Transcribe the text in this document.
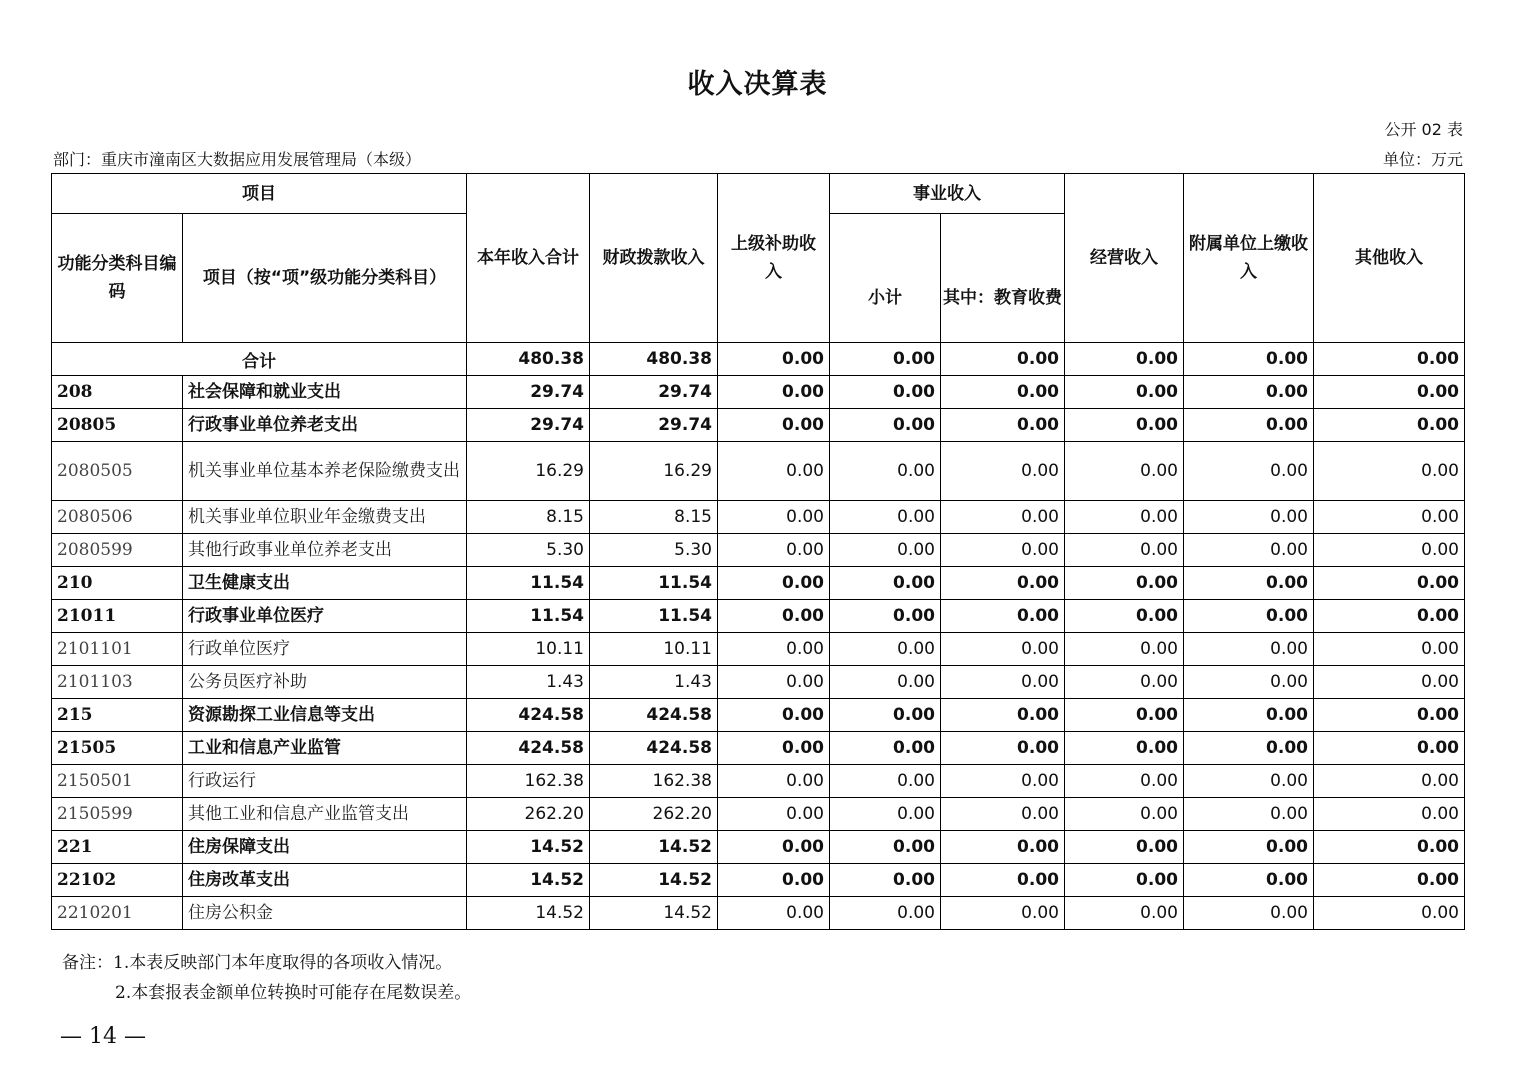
收入决算表
公开 02 表
部门：重庆市潼南区大数据应用发展管理局（本级）	单位：万元
项目		本年收入合计	财政拨款收入	上级补助收入	事业收入		经营收入	附属单位上缴收入	其他收入
功能分类科目编码	项目（按“项”级功能分类科目）				小计	其中：教育收费			
合计		480.38	480.38	0.00	0.00	0.00	0.00	0.00	0.00
208	社会保障和就业支出	29.74	29.74	0.00	0.00	0.00	0.00	0.00	0.00
20805	行政事业单位养老支出	29.74	29.74	0.00	0.00	0.00	0.00	0.00	0.00
2080505	机关事业单位基本养老保险缴费支出	16.29	16.29	0.00	0.00	0.00	0.00	0.00	0.00
2080506	机关事业单位职业年金缴费支出	8.15	8.15	0.00	0.00	0.00	0.00	0.00	0.00
2080599	其他行政事业单位养老支出	5.30	5.30	0.00	0.00	0.00	0.00	0.00	0.00
210	卫生健康支出	11.54	11.54	0.00	0.00	0.00	0.00	0.00	0.00
21011	行政事业单位医疗	11.54	11.54	0.00	0.00	0.00	0.00	0.00	0.00
2101101	行政单位医疗	10.11	10.11	0.00	0.00	0.00	0.00	0.00	0.00
2101103	公务员医疗补助	1.43	1.43	0.00	0.00	0.00	0.00	0.00	0.00
215	资源勘探工业信息等支出	424.58	424.58	0.00	0.00	0.00	0.00	0.00	0.00
21505	工业和信息产业监管	424.58	424.58	0.00	0.00	0.00	0.00	0.00	0.00
2150501	行政运行	162.38	162.38	0.00	0.00	0.00	0.00	0.00	0.00
2150599	其他工业和信息产业监管支出	262.20	262.20	0.00	0.00	0.00	0.00	0.00	0.00
221	住房保障支出	14.52	14.52	0.00	0.00	0.00	0.00	0.00	0.00
22102	住房改革支出	14.52	14.52	0.00	0.00	0.00	0.00	0.00	0.00
2210201	住房公积金	14.52	14.52	0.00	0.00	0.00	0.00	0.00	0.00
备注：1.本表反映部门本年度取得的各项收入情况。
2.本套报表金额单位转换时可能存在尾数误差。
— 14 —
